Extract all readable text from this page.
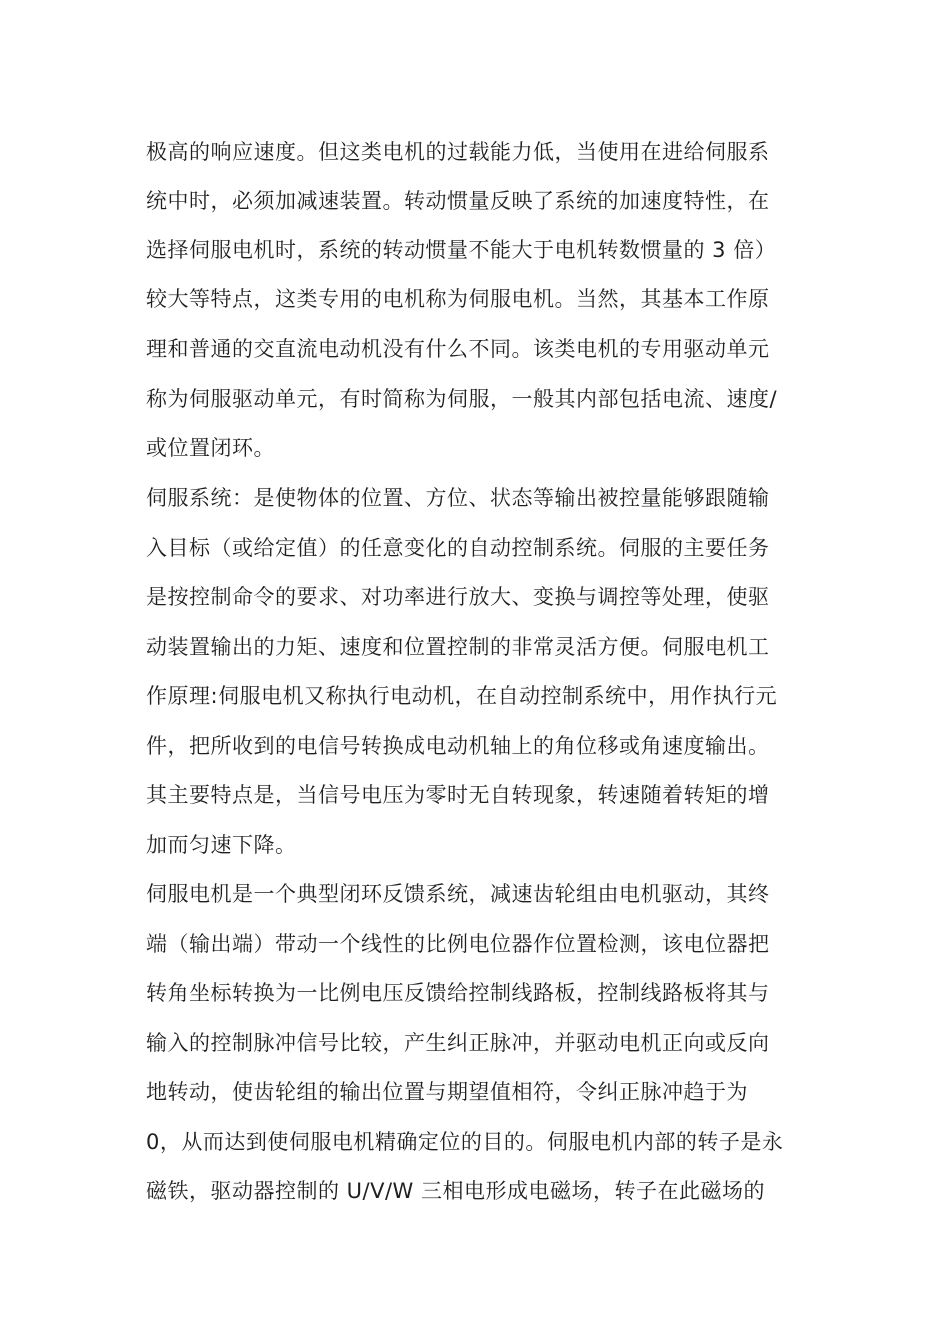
极高的响应速度。但这类电机的过载能力低，当使用在进给伺服系
统中时，必须加减速装置。转动惯量反映了系统的加速度特性，在
选择伺服电机时，系统的转动惯量不能大于电机转数惯量的 3 倍）
较大等特点，这类专用的电机称为伺服电机。当然，其基本工作原
理和普通的交直流电动机没有什么不同。该类电机的专用驱动单元
称为伺服驱动单元，有时简称为伺服，一般其内部包括电流、速度/
或位置闭环。
伺服系统：是使物体的位置、方位、状态等输出被控量能够跟随输
入目标（或给定值）的任意变化的自动控制系统。伺服的主要任务
是按控制命令的要求、对功率进行放大、变换与调控等处理，使驱
动装置输出的力矩、速度和位置控制的非常灵活方便。伺服电机工
作原理:伺服电机又称执行电动机，在自动控制系统中，用作执行元
件，把所收到的电信号转换成电动机轴上的角位移或角速度输出。
其主要特点是，当信号电压为零时无自转现象，转速随着转矩的增
加而匀速下降。
伺服电机是一个典型闭环反馈系统，减速齿轮组由电机驱动，其终
端（输出端）带动一个线性的比例电位器作位置检测，该电位器把
转角坐标转换为一比例电压反馈给控制线路板，控制线路板将其与
输入的控制脉冲信号比较，产生纠正脉冲，并驱动电机正向或反向
地转动，使齿轮组的输出位置与期望值相符，令纠正脉冲趋于为
0，从而达到使伺服电机精确定位的目的。伺服电机内部的转子是永
磁铁，驱动器控制的 U/V/W 三相电形成电磁场，转子在此磁场的
